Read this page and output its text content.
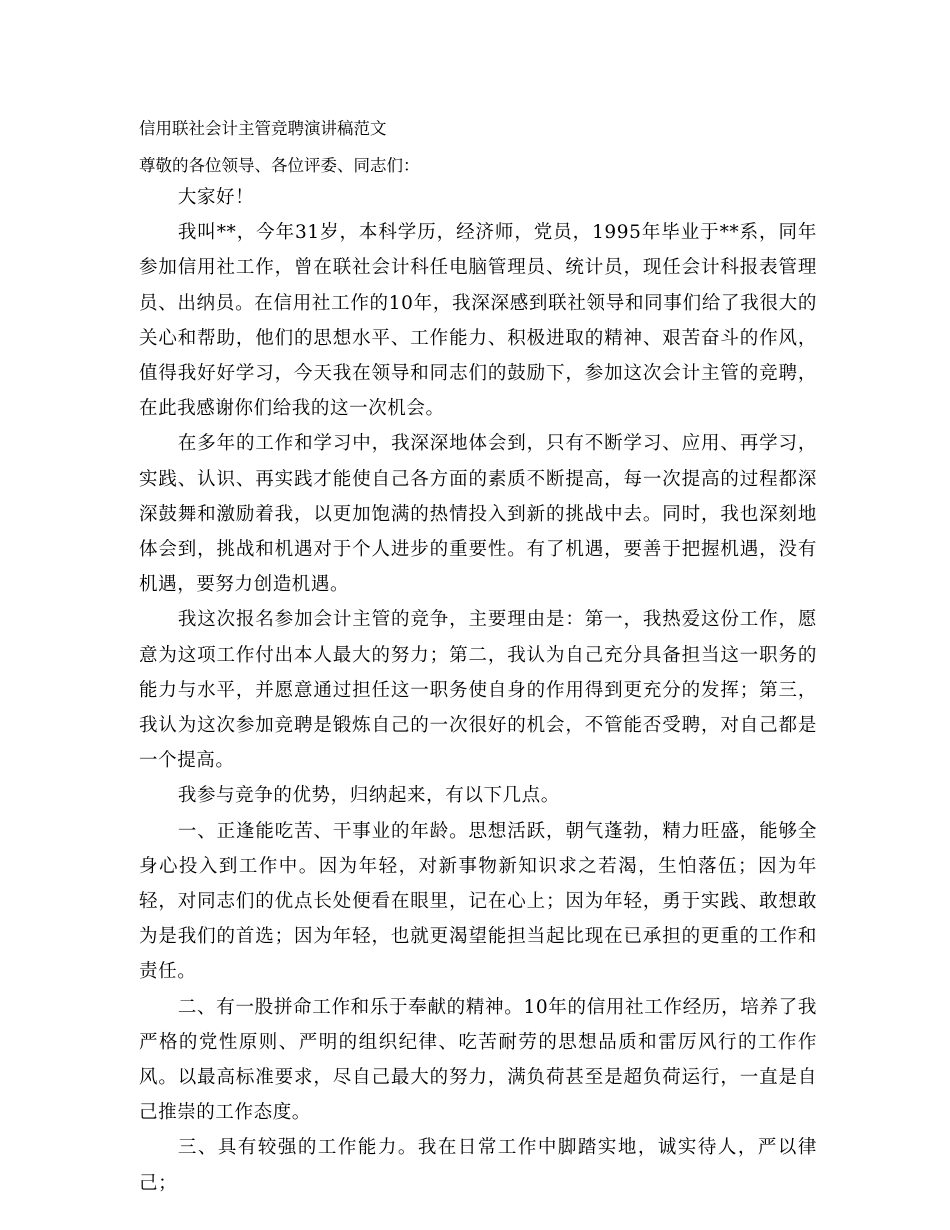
信用联社会计主管竞聘演讲稿范文
尊敬的各位领导、各位评委、同志们：

大家好！

我叫**，今年31岁，本科学历，经济师，党员，1995年毕业于**系，同年参加信用社工作，曾在联社会计科任电脑管理员、统计员，现任会计科报表管理员、出纳员。在信用社工作的10年，我深深感到联社领导和同事们给了我很大的关心和帮助，他们的思想水平、工作能力、积极进取的精神、艰苦奋斗的作风，值得我好好学习，今天我在领导和同志们的鼓励下，参加这次会计主管的竞聘，在此我感谢你们给我的这一次机会。

在多年的工作和学习中，我深深地体会到，只有不断学习、应用、再学习，实践、认识、再实践才能使自己各方面的素质不断提高，每一次提高的过程都深深鼓舞和激励着我，以更加饱满的热情投入到新的挑战中去。同时，我也深刻地体会到，挑战和机遇对于个人进步的重要性。有了机遇，要善于把握机遇，没有机遇，要努力创造机遇。

我这次报名参加会计主管的竞争，主要理由是：第一，我热爱这份工作，愿意为这项工作付出本人最大的努力；第二，我认为自己充分具备担当这一职务的能力与水平，并愿意通过担任这一职务使自身的作用得到更充分的发挥；第三，我认为这次参加竞聘是锻炼自己的一次很好的机会，不管能否受聘，对自己都是一个提高。

我参与竞争的优势，归纳起来，有以下几点。

一、正逢能吃苦、干事业的年龄。思想活跃，朝气蓬勃，精力旺盛，能够全身心投入到工作中。因为年轻，对新事物新知识求之若渴，生怕落伍；因为年轻，对同志们的优点长处便看在眼里，记在心上；因为年轻，勇于实践、敢想敢为是我们的首选；因为年轻，也就更渴望能担当起比现在已承担的更重的工作和责任。

二、有一股拼命工作和乐于奉献的精神。10年的信用社工作经历，培养了我严格的党性原则、严明的组织纪律、吃苦耐劳的思想品质和雷厉风行的工作作风。以最高标准要求，尽自己最大的努力，满负荷甚至是超负荷运行，一直是自己推崇的工作态度。

三、具有较强的工作能力。我在日常工作中脚踏实地，诚实待人，严以律己；
